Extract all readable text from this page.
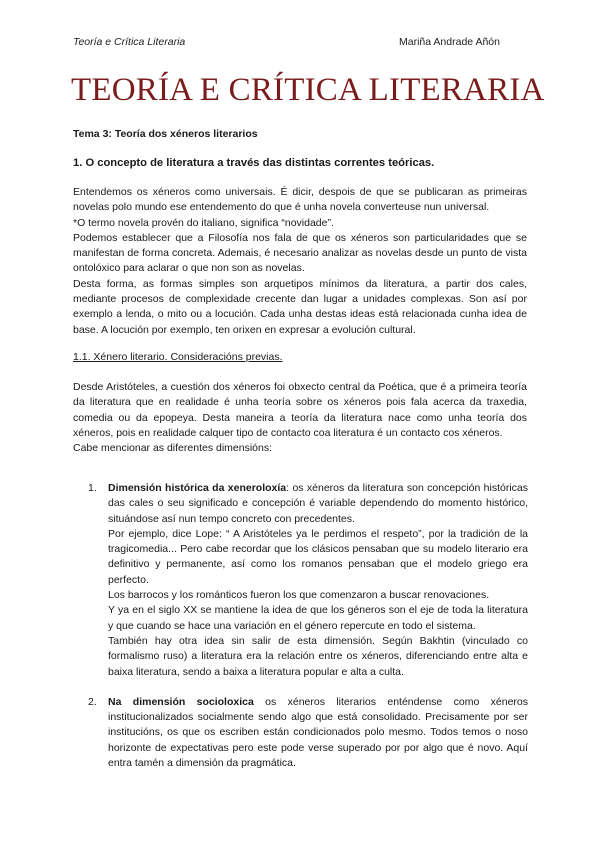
Teoría e Crítica Literaria	Mariña Andrade Añón
TEORÍA E CRÍTICA LITERARIA

Tema 3: Teoría dos xéneros literarios

1. O concepto de literatura a través das distintas correntes teóricas.

Entendemos os xéneros como universais. É dicir, despois de que se publicaran as primeiras novelas polo mundo ese entendemento do que é unha novela converteuse nun universal.
*O termo novela provén do italiano, significa “novidade”.
Podemos establecer que a Filosofía nos fala de que os xéneros son particularidades que se manifestan de forma concreta. Ademais, é necesario analizar as novelas desde un punto de vista ontolóxico para aclarar o que non son as novelas.
Desta forma, as formas simples son arquetipos mínimos da literatura, a partir dos cales, mediante procesos de complexidade crecente dan lugar a unidades complexas. Son así por exemplo a lenda, o mito ou a locución. Cada unha destas ideas está relacionada cunha idea de base. A locución por exemplo, ten orixen en expresar a evolución cultural.

1.1. Xénero literario. Consideracións previas.

Desde Aristóteles, a cuestión dos xéneros foi obxecto central da Poética, que é a primeira teoría da literatura que en realidade é unha teoría sobre os xéneros pois fala acerca da traxedia, comedia ou da epopeya. Desta maneira a teoría da literatura nace como unha teoría dos xéneros, pois en realidade calquer tipo de contacto coa literatura é un contacto cos xéneros.
Cabe mencionar as diferentes dimensións:
1. Dimensión histórica da xeneroloxía: os xéneros da literatura son concepción históricas das cales o seu significado e concepción é variable dependendo do momento histórico, situándose así nun tempo concreto con precedentes.

Por ejemplo, dice Lope: “ A Aristóteles ya le perdimos el respeto”, por la tradición de la tragicomedia... Pero cabe recordar que los clásicos pensaban que su modelo literario era definitivo y permanente, así como los romanos pensaban que el modelo griego era perfecto.

Los barrocos y los románticos fueron los que comenzaron a buscar renovaciones.

Y ya en el siglo XX se mantiene la idea de que los géneros son el eje de toda la literatura y que cuando se hace una variación en el género repercute en todo el sistema.

También hay otra idea sin salir de esta dimensión. Según Bakhtin (vinculado co formalismo ruso) a literatura era la relación entre os xéneros, diferenciando entre alta e baixa literatura, sendo a baixa a literatura popular e alta a culta.

2. Na dimensión socioloxica os xéneros literarios enténdense como xéneros institucionalizados socialmente sendo algo que está consolidado. Precisamente por ser institucións, os que os escriben están condicionados polo mesmo. Todos temos o noso horizonte de expectativas pero este pode verse superado por por algo que é novo. Aquí entra tamén a dimensión da pragmática.
